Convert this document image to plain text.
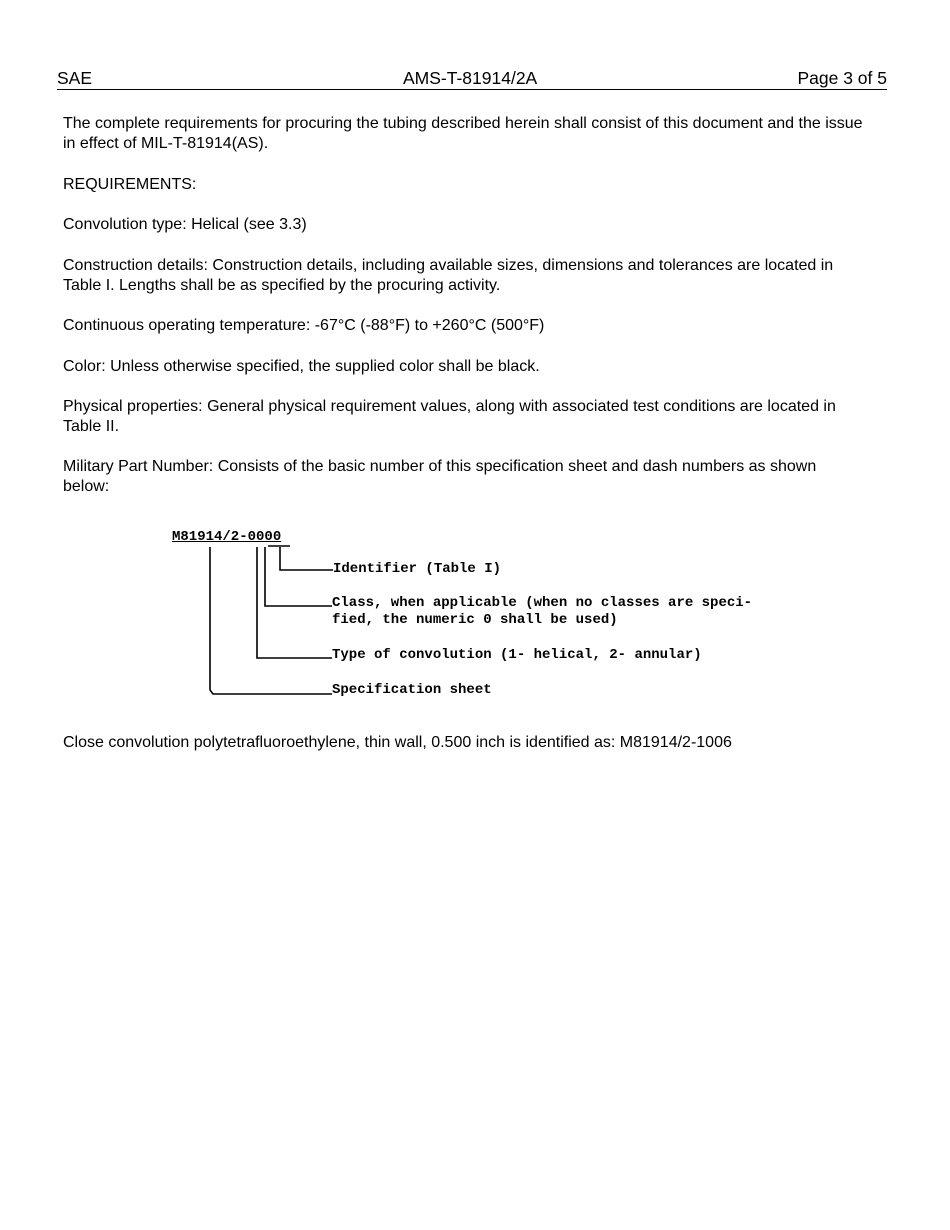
SAE	AMS-T-81914/2A	Page 3 of 5

The complete requirements for procuring the tubing described herein shall consist of this document and the issue in effect of MIL-T-81914(AS).

REQUIREMENTS:

Convolution type: Helical (see 3.3)

Construction details: Construction details, including available sizes, dimensions and tolerances are located in Table I. Lengths shall be as specified by the procuring activity.

Continuous operating temperature: -67°C (-88°F) to +260°C (500°F)

Color: Unless otherwise specified, the supplied color shall be black.

Physical properties: General physical requirement values, along with associated test conditions are located in Table II.

Military Part Number: Consists of the basic number of this specification sheet and dash numbers as shown below:

M81914/2-0000
Identifier (Table I)
Class, when applicable (when no classes are speci-
fied, the numeric 0 shall be used)
Type of convolution (1- helical, 2- annular)
Specification sheet

Close convolution polytetrafluoroethylene, thin wall, 0.500 inch is identified as: M81914/2-1006
